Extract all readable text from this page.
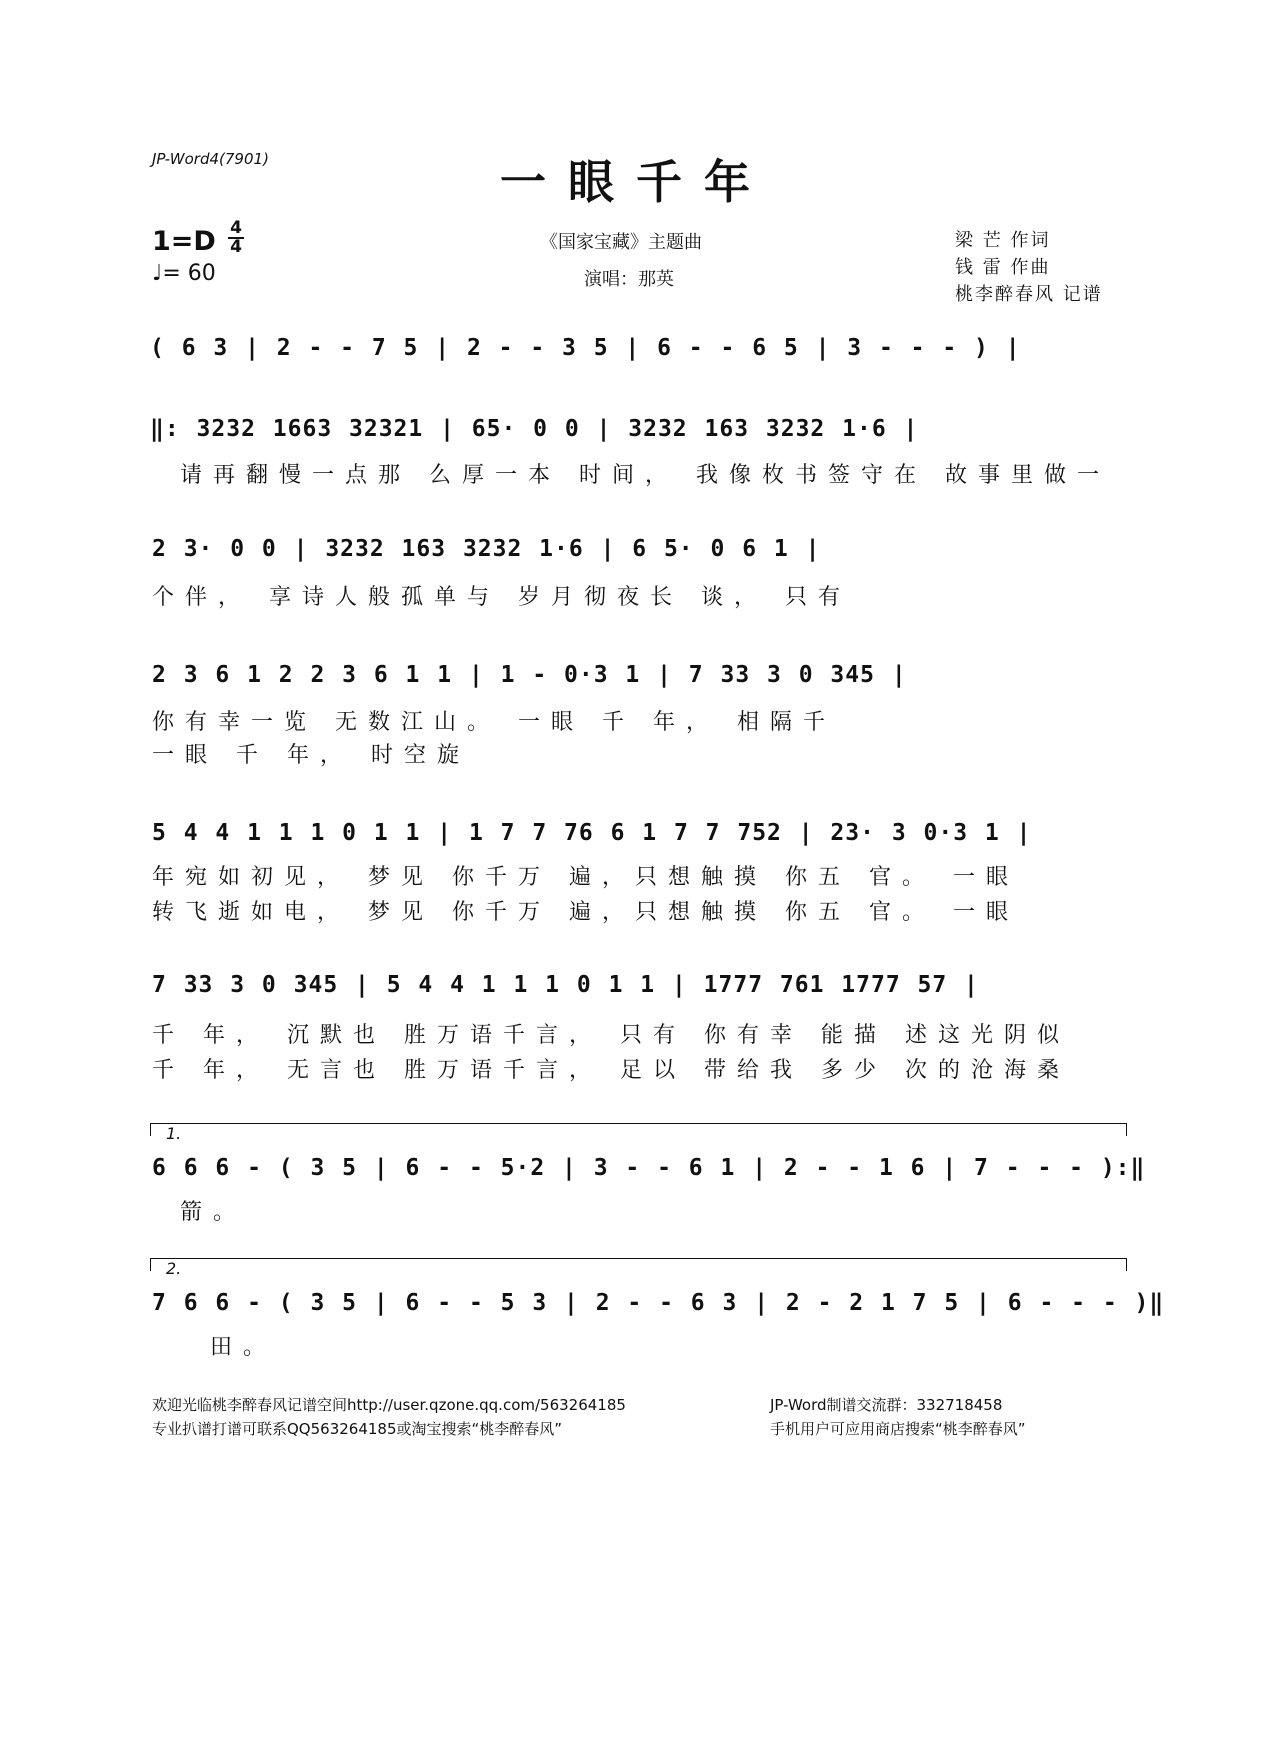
JP-Word4(7901)	一眼千年
1=D 4
4
♩= 60
《国家宝藏》主题曲
演唱：那英
梁 芒 作词
钱 雷 作曲
桃李醉春风 记谱
( 6 3 | 2 - - 7 5 | 2 - - 3 5 | 6 - - 6 5 | 3 - - - ) |
‖: 3232 1663 32321 | 65· 0 0 | 3232 163 3232 1·6 |
请再翻慢一点那 么厚一本 时间， 我像枚书签守在 故事里做一
2 3· 0 0 | 3232 163 3232 1·6 | 6 5· 0 6 1 |
个伴， 享诗人般孤单与 岁月彻夜长 谈， 只有
2 3 6 1 2 2 3 6 1 1 | 1 - 0·3 1 | 7 33 3 0 345 |
你有幸一览 无数江山。 一眼 千 年， 相隔千
一眼 千 年， 时空旋
5 4 4 1 1 1 0 1 1 | 1 7 7 76 6 1 7 7 752 | 23· 3 0·3 1 |
年宛如初见， 梦见 你千万 遍，只想触摸 你五 官。 一眼
转飞逝如电， 梦见 你千万 遍，只想触摸 你五 官。 一眼
7 33 3 0 345 | 5 4 4 1 1 1 0 1 1 | 1777 761 1777 57 |
千 年， 沉默也 胜万语千言， 只有 你有幸 能描 述这光阴似
千 年， 无言也 胜万语千言， 足以 带给我 多少 次的沧海桑
1.
6 6 6 - ( 3 5 | 6 - - 5·2 | 3 - - 6 1 | 2 - - 1 6 | 7 - - - ):‖
箭。
2.
7 6 6 - ( 3 5 | 6 - - 5 3 | 2 - - 6 3 | 2 - 2 1 7 5 | 6 - - - )‖
田。
欢迎光临桃李醉春风记谱空间http://user.qzone.qq.com/563264185	JP-Word制谱交流群：332718458
专业扒谱打谱可联系QQ563264185或淘宝搜索“桃李醉春风”	手机用户可应用商店搜索“桃李醉春风”
